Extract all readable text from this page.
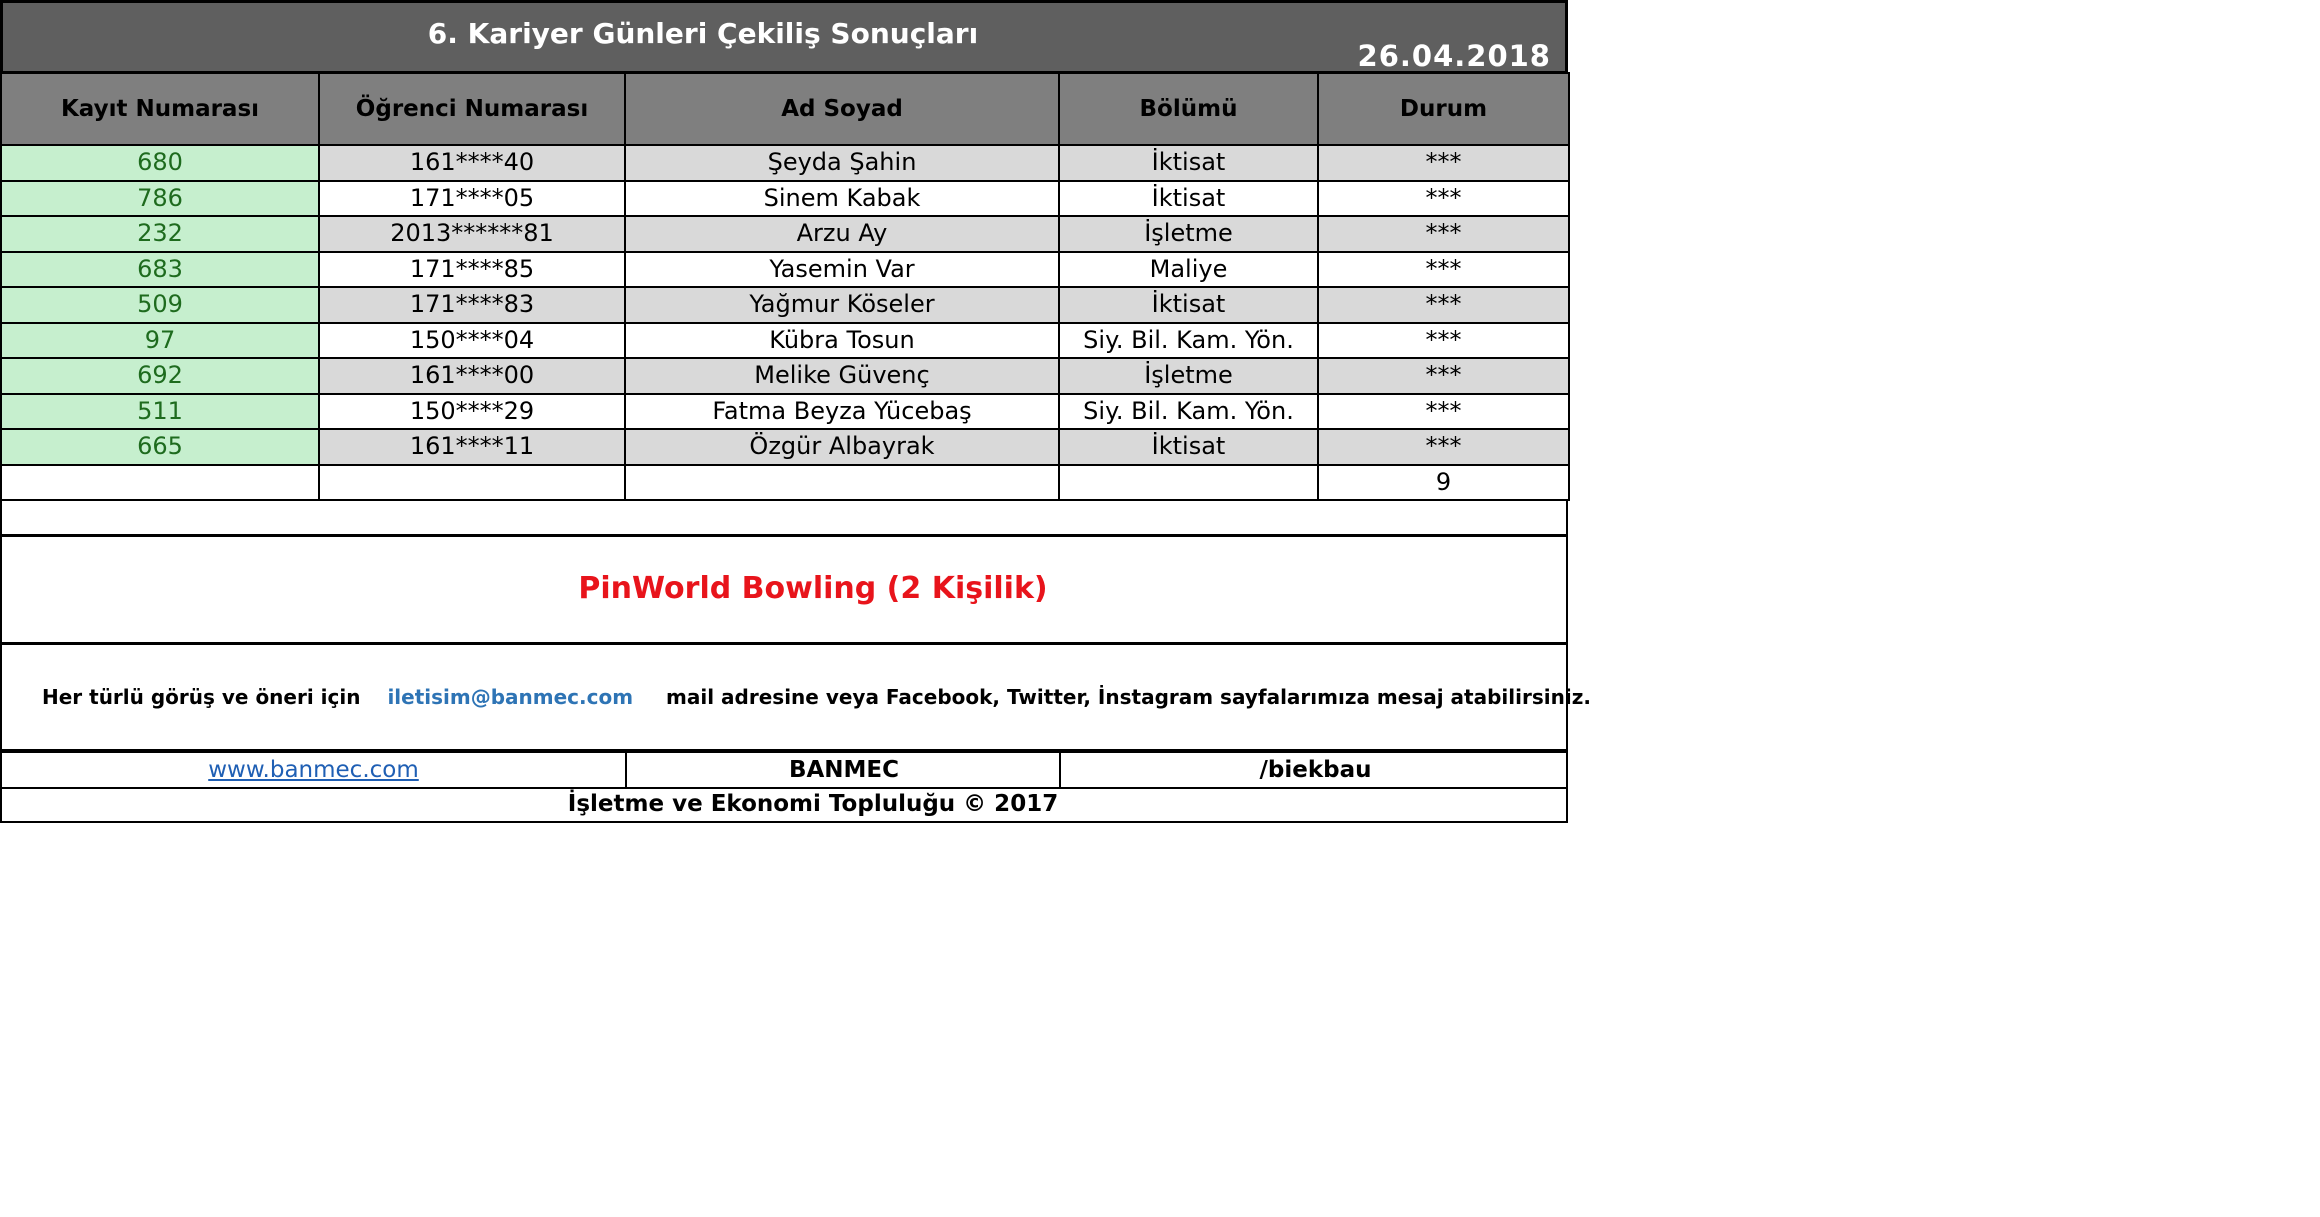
6. Kariyer Günleri Çekiliş Sonuçları
26.04.2018
Kayıt Numarası	Öğrenci Numarası	Ad Soyad	Bölümü	Durum
680	161****40	Şeyda Şahin	İktisat	***
786	171****05	Sinem Kabak	İktisat	***
232	2013******81	Arzu Ay	İşletme	***
683	171****85	Yasemin Var	Maliye	***
509	171****83	Yağmur Köseler	İktisat	***
97	150****04	Kübra Tosun	Siy. Bil. Kam. Yön.	***
692	161****00	Melike Güvenç	İşletme	***
511	150****29	Fatma Beyza Yücebaş	Siy. Bil. Kam. Yön.	***
665	161****11	Özgür Albayrak	İktisat	***
				9
PinWorld Bowling (2 Kişilik)
Her türlü görüş ve öneri için iletisim@banmec.com mail adresine veya Facebook, Twitter, İnstagram sayfalarımıza mesaj atabilirsiniz.
www.banmec.com	BANMEC	/biekbau
İşletme ve Ekonomi Topluluğu © 2017
